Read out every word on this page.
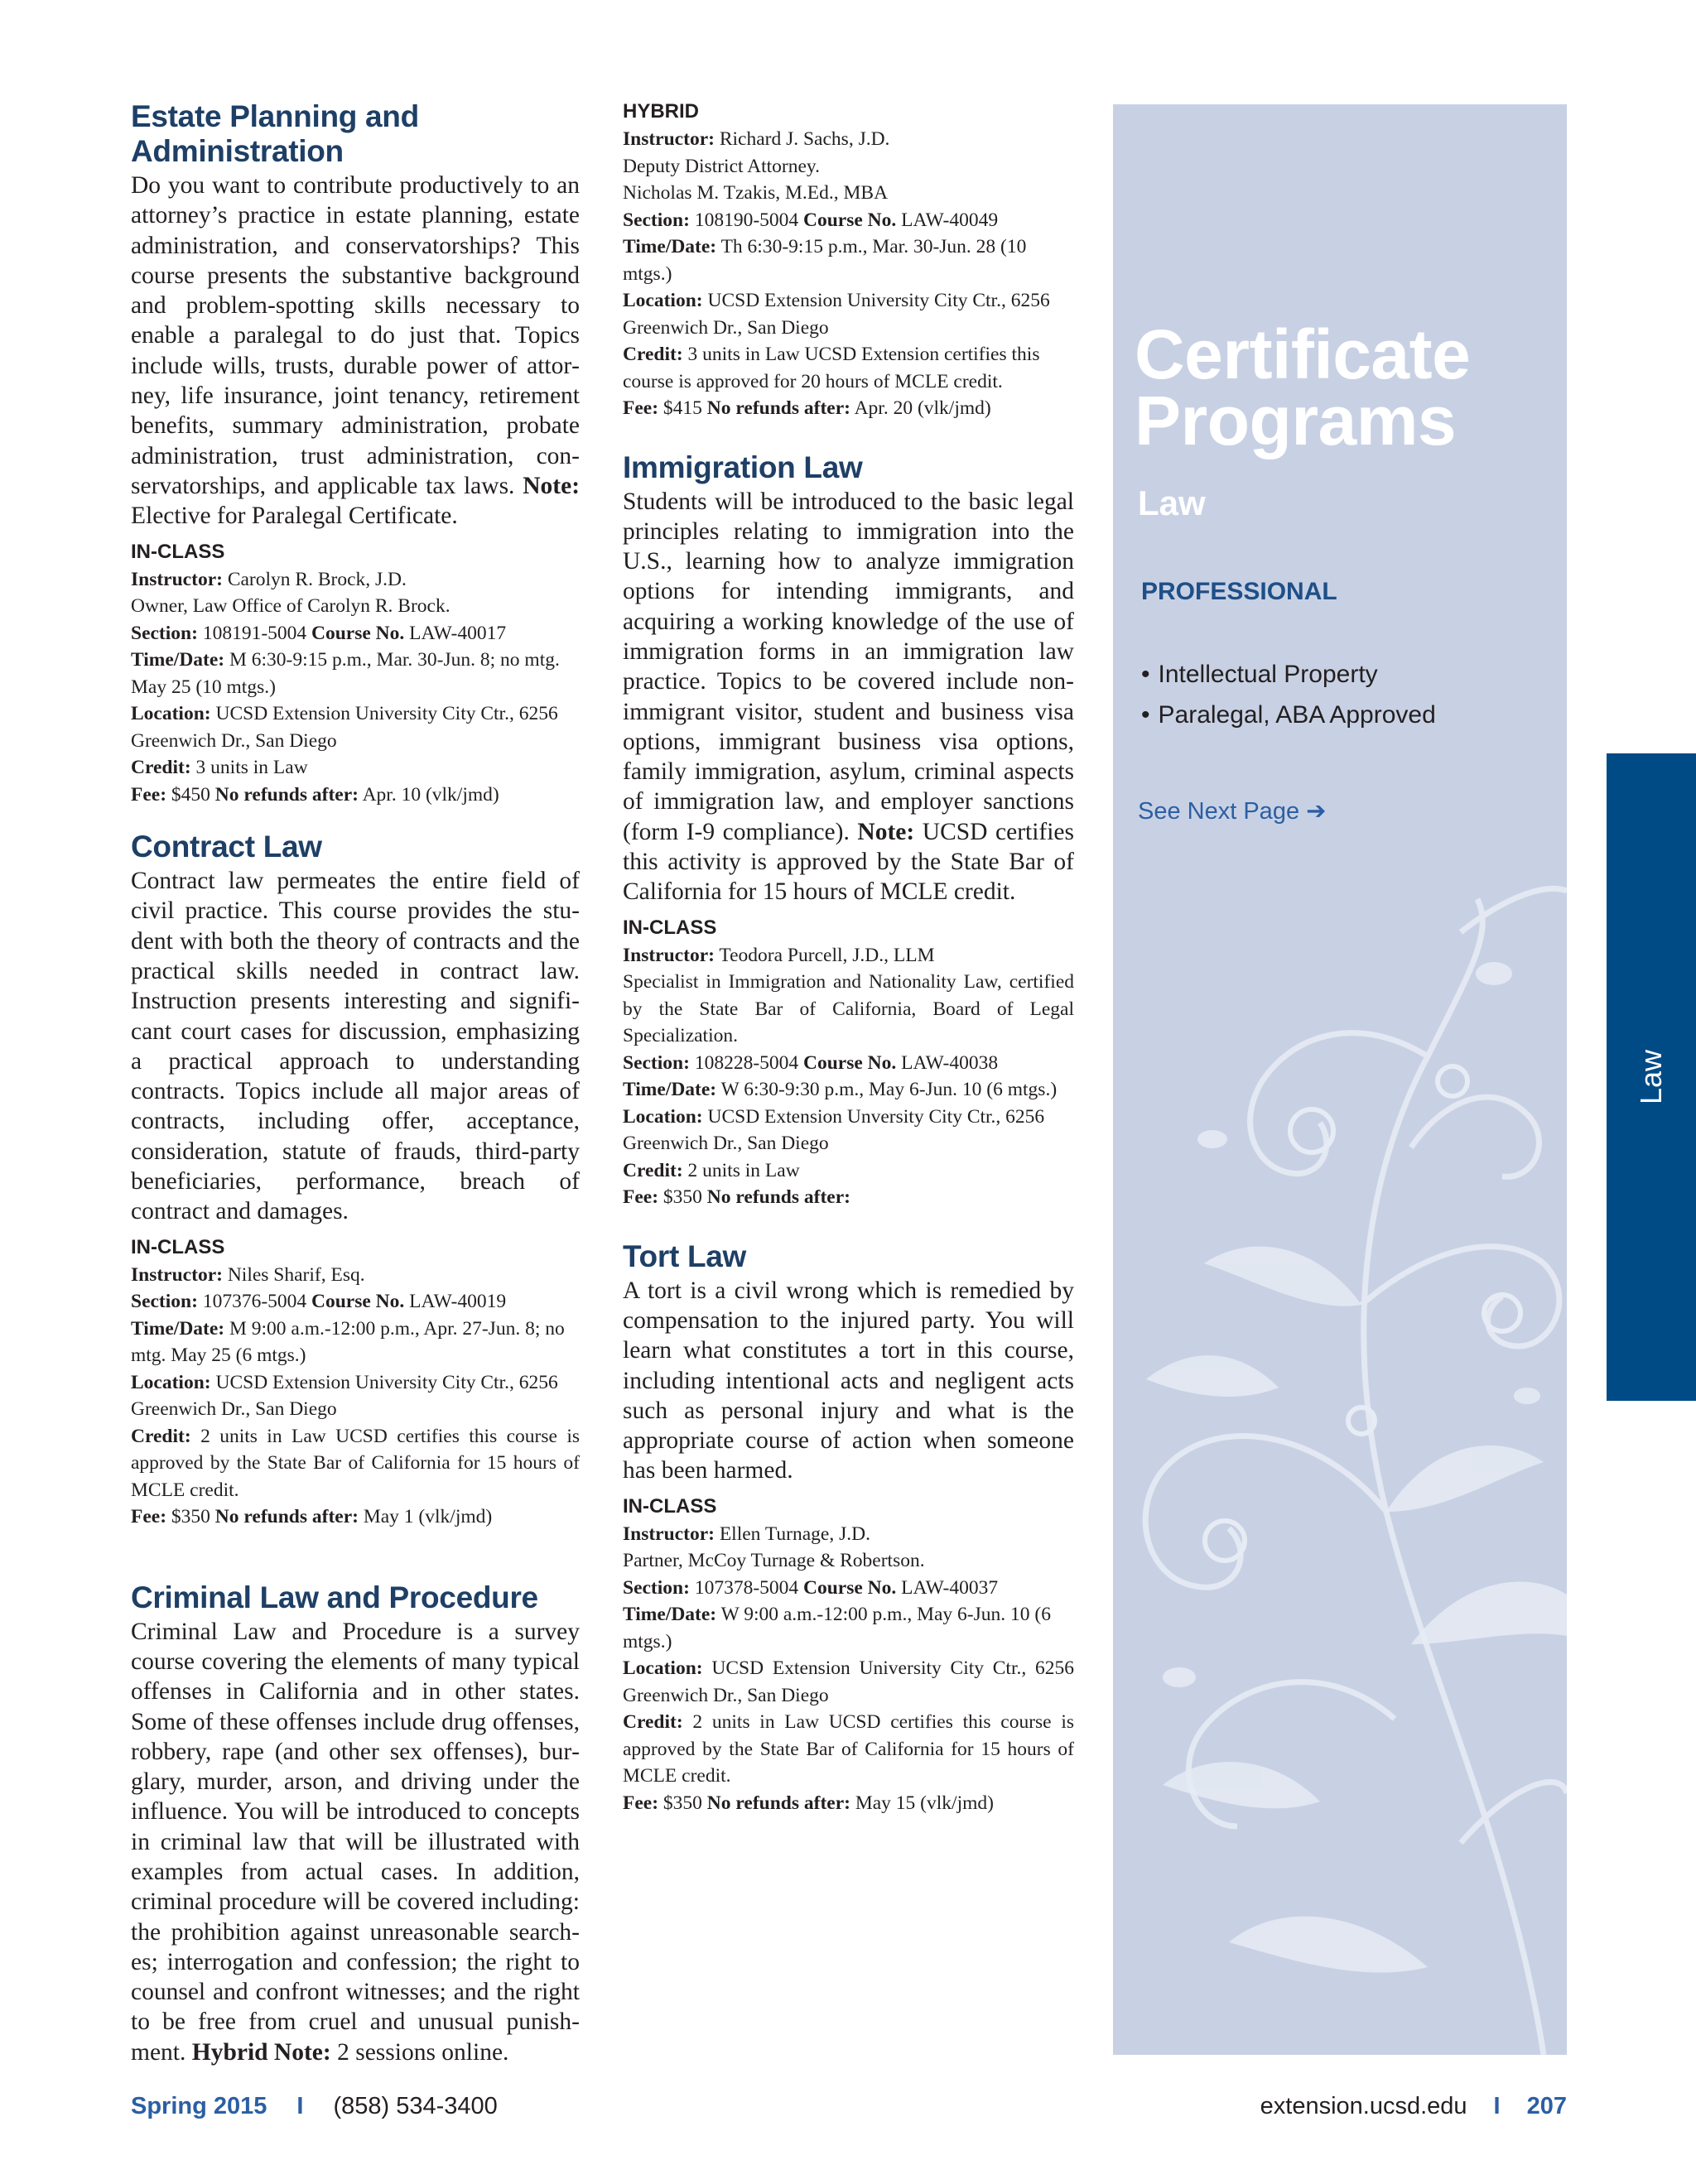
Estate Planning and Administration

Do you want to contribute productively to an attorney’s practice in estate planning, estate administration, and conservatorships? This course presents the substantive background and problem-spotting skills necessary to enable a paralegal to do just that. Topics include wills, trusts, durable power of attorney, life insurance, joint tenancy, retirement benefits, summary administration, probate administration, trust administration, conservatorships, and applicable tax laws. Note: Elective for Paralegal Certificate.

IN-CLASS
Instructor: Carolyn R. Brock, J.D.
Owner, Law Office of Carolyn R. Brock.
Section: 108191-5004 Course No. LAW-40017
Time/Date: M 6:30-9:15 p.m., Mar. 30-Jun. 8; no mtg. May 25 (10 mtgs.)
Location: UCSD Extension University City Ctr., 6256 Greenwich Dr., San Diego
Credit: 3 units in Law
Fee: $450 No refunds after: Apr. 10 (vlk/jmd)
Contract Law

Contract law permeates the entire field of civil practice. This course provides the student with both the theory of contracts and the practical skills needed in contract law. Instruction presents interesting and significant court cases for discussion, emphasizing a practical approach to understanding contracts. Topics include all major areas of contracts, including offer, acceptance, consideration, statute of frauds, third-party beneficiaries, performance, breach of contract and damages.

IN-CLASS
Instructor: Niles Sharif, Esq.
Section: 107376-5004 Course No. LAW-40019
Time/Date: M 9:00 a.m.-12:00 p.m., Apr. 27-Jun. 8; no mtg. May 25 (6 mtgs.)
Location: UCSD Extension University City Ctr., 6256 Greenwich Dr., San Diego
Credit: 2 units in Law UCSD certifies this course is approved by the State Bar of California for 15 hours of MCLE credit.
Fee: $350 No refunds after: May 1 (vlk/jmd)
Criminal Law and Procedure

Criminal Law and Procedure is a survey course covering the elements of many typical offenses in California and in other states. Some of these offenses include drug offenses, robbery, rape (and other sex offenses), burglary, murder, arson, and driving under the influence. You will be introduced to concepts in criminal law that will be illustrated with examples from actual cases. In addition, criminal procedure will be covered including: the prohibition against unreasonable searches; interrogation and confession; the right to counsel and confront witnesses; and the right to be free from cruel and unusual punishment. Hybrid Note: 2 sessions online.

HYBRID
Instructor: Richard J. Sachs, J.D.
Deputy District Attorney.
Nicholas M. Tzakis, M.Ed., MBA
Section: 108190-5004 Course No. LAW-40049
Time/Date: Th 6:30-9:15 p.m., Mar. 30-Jun. 28 (10 mtgs.)
Location: UCSD Extension University City Ctr., 6256 Greenwich Dr., San Diego
Credit: 3 units in Law UCSD Extension certifies this course is approved for 20 hours of MCLE credit.
Fee: $415 No refunds after: Apr. 20 (vlk/jmd)
Immigration Law

Students will be introduced to the basic legal principles relating to immigration into the U.S., learning how to analyze immigration options for intending immigrants, and acquiring a working knowledge of the use of immigration forms in an immigration law practice. Topics to be covered include nonimmigrant visitor, student and business visa options, immigrant business visa options, family immigration, asylum, criminal aspects of immigration law, and employer sanctions (form I-9 compliance). Note: UCSD certifies this activity is approved by the State Bar of California for 15 hours of MCLE credit.

IN-CLASS
Instructor: Teodora Purcell, J.D., LLM
Specialist in Immigration and Nationality Law, certified by the State Bar of California, Board of Legal Specialization.
Section: 108228-5004 Course No. LAW-40038
Time/Date: W 6:30-9:30 p.m., May 6-Jun. 10 (6 mtgs.)
Location: UCSD Extension Unversity City Ctr., 6256 Greenwich Dr., San Diego
Credit: 2 units in Law
Fee: $350 No refunds after:
Tort Law

A tort is a civil wrong which is remedied by compensation to the injured party. You will learn what constitutes a tort in this course, including intentional acts and negligent acts such as personal injury and what is the appropriate course of action when someone has been harmed.

IN-CLASS
Instructor: Ellen Turnage, J.D.
Partner, McCoy Turnage & Robertson.
Section: 107378-5004 Course No. LAW-40037
Time/Date: W 9:00 a.m.-12:00 p.m., May 6-Jun. 10 (6 mtgs.)
Location: UCSD Extension University City Ctr., 6256 Greenwich Dr., San Diego
Credit: 2 units in Law UCSD certifies this course is approved by the State Bar of California for 15 hours of MCLE credit.
Fee: $350 No refunds after: May 15 (vlk/jmd)
Certificate
Programs
Law
PROFESSIONAL
• Intellectual Property
• Paralegal, ABA Approved
See Next Page ➔
Law
Spring 2015 I (858) 534-3400	extension.ucsd.edu I 207
